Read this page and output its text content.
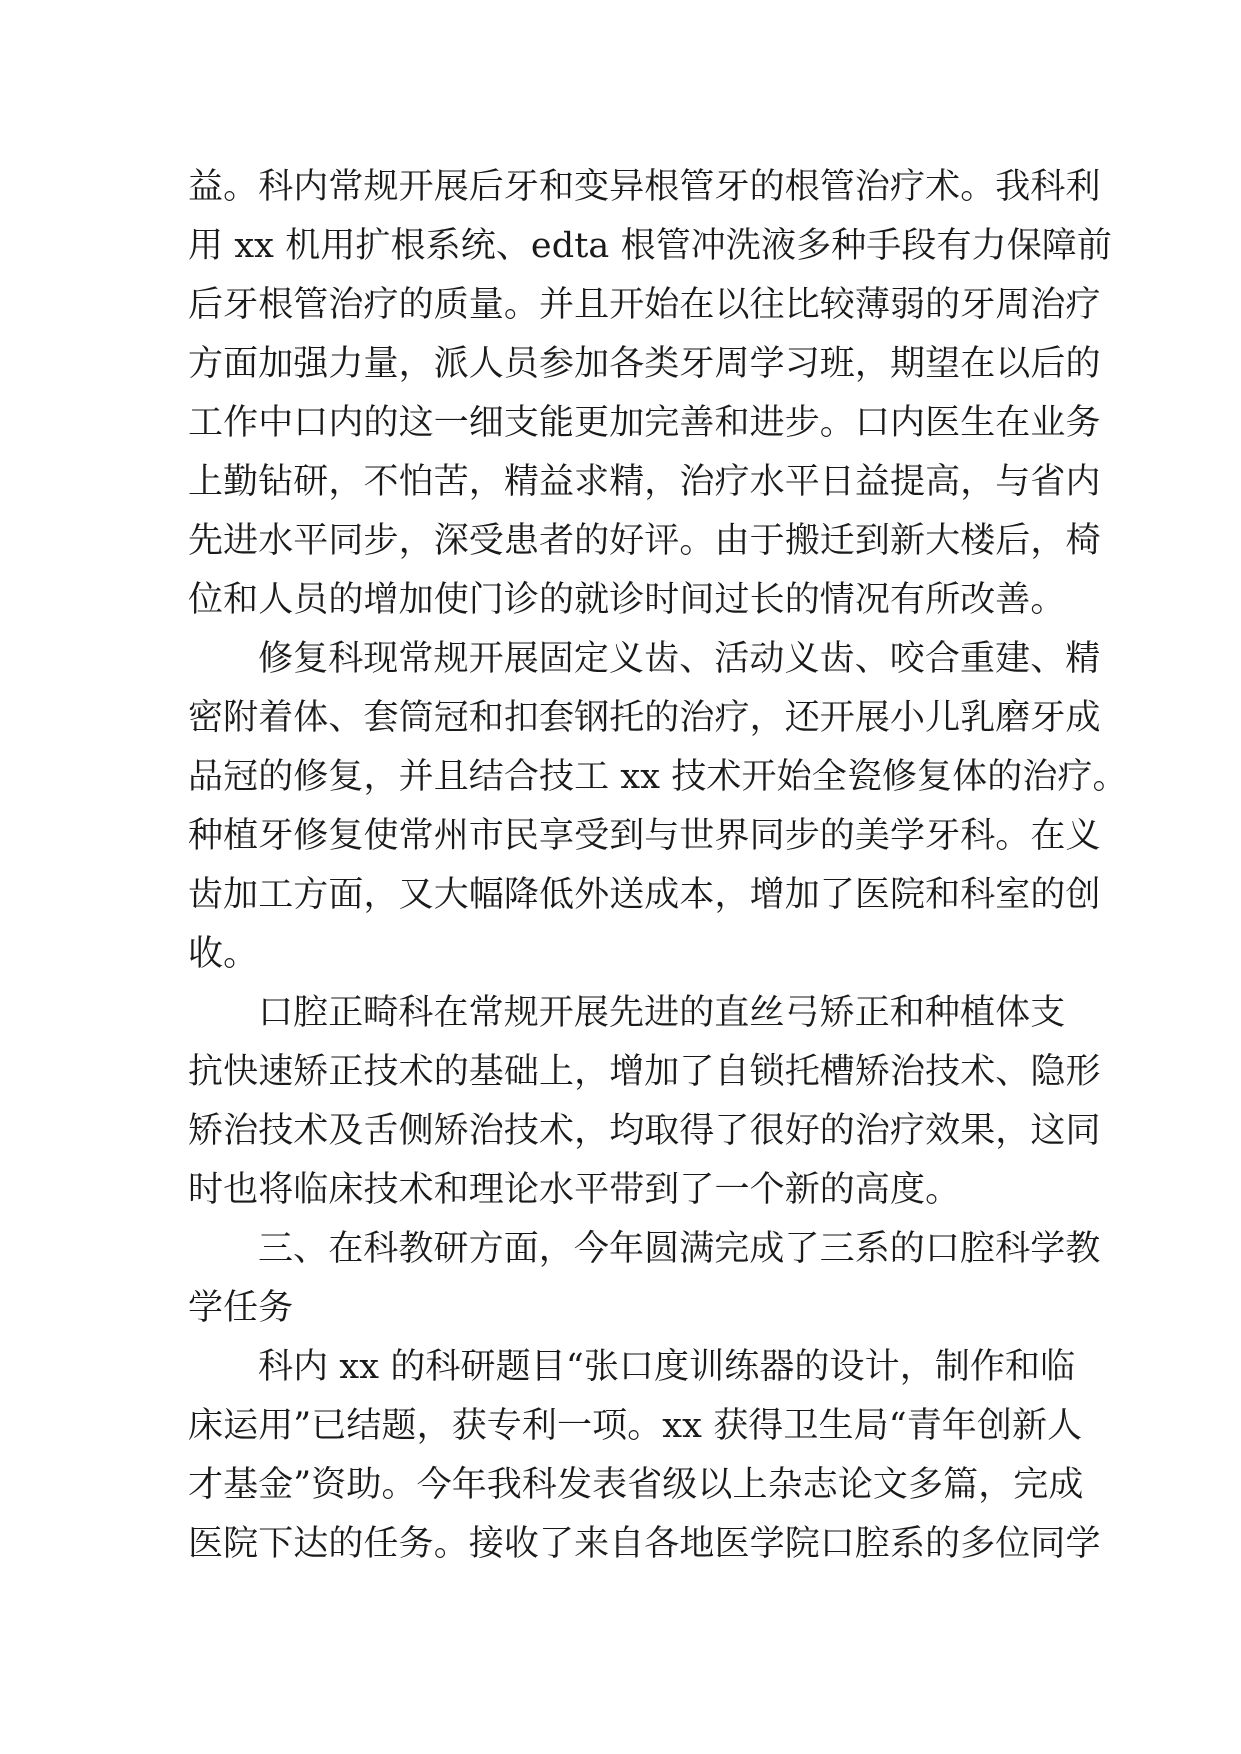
益。科内常规开展后牙和变异根管牙的根管治疗术。我科利
用 xx 机用扩根系统、edta 根管冲洗液多种手段有力保障前
后牙根管治疗的质量。并且开始在以往比较薄弱的牙周治疗
方面加强力量，派人员参加各类牙周学习班，期望在以后的
工作中口内的这一细支能更加完善和进步。口内医生在业务
上勤钻研，不怕苦，精益求精，治疗水平日益提高，与省内
先进水平同步，深受患者的好评。由于搬迁到新大楼后，椅
位和人员的增加使门诊的就诊时间过长的情况有所改善。
修复科现常规开展固定义齿、活动义齿、咬合重建、精
密附着体、套筒冠和扣套钢托的治疗，还开展小儿乳磨牙成
品冠的修复，并且结合技工 xx 技术开始全瓷修复体的治疗。
种植牙修复使常州市民享受到与世界同步的美学牙科。在义
齿加工方面，又大幅降低外送成本，增加了医院和科室的创
收。
口腔正畸科在常规开展先进的直丝弓矫正和种植体支
抗快速矫正技术的基础上，增加了自锁托槽矫治技术、隐形
矫治技术及舌侧矫治技术，均取得了很好的治疗效果，这同
时也将临床技术和理论水平带到了一个新的高度。
三、在科教研方面，今年圆满完成了三系的口腔科学教
学任务
科内 xx 的科研题目“张口度训练器的设计，制作和临
床运用”已结题，获专利一项。xx 获得卫生局“青年创新人
才基金”资助。今年我科发表省级以上杂志论文多篇，完成
医院下达的任务。接收了来自各地医学院口腔系的多位同学
